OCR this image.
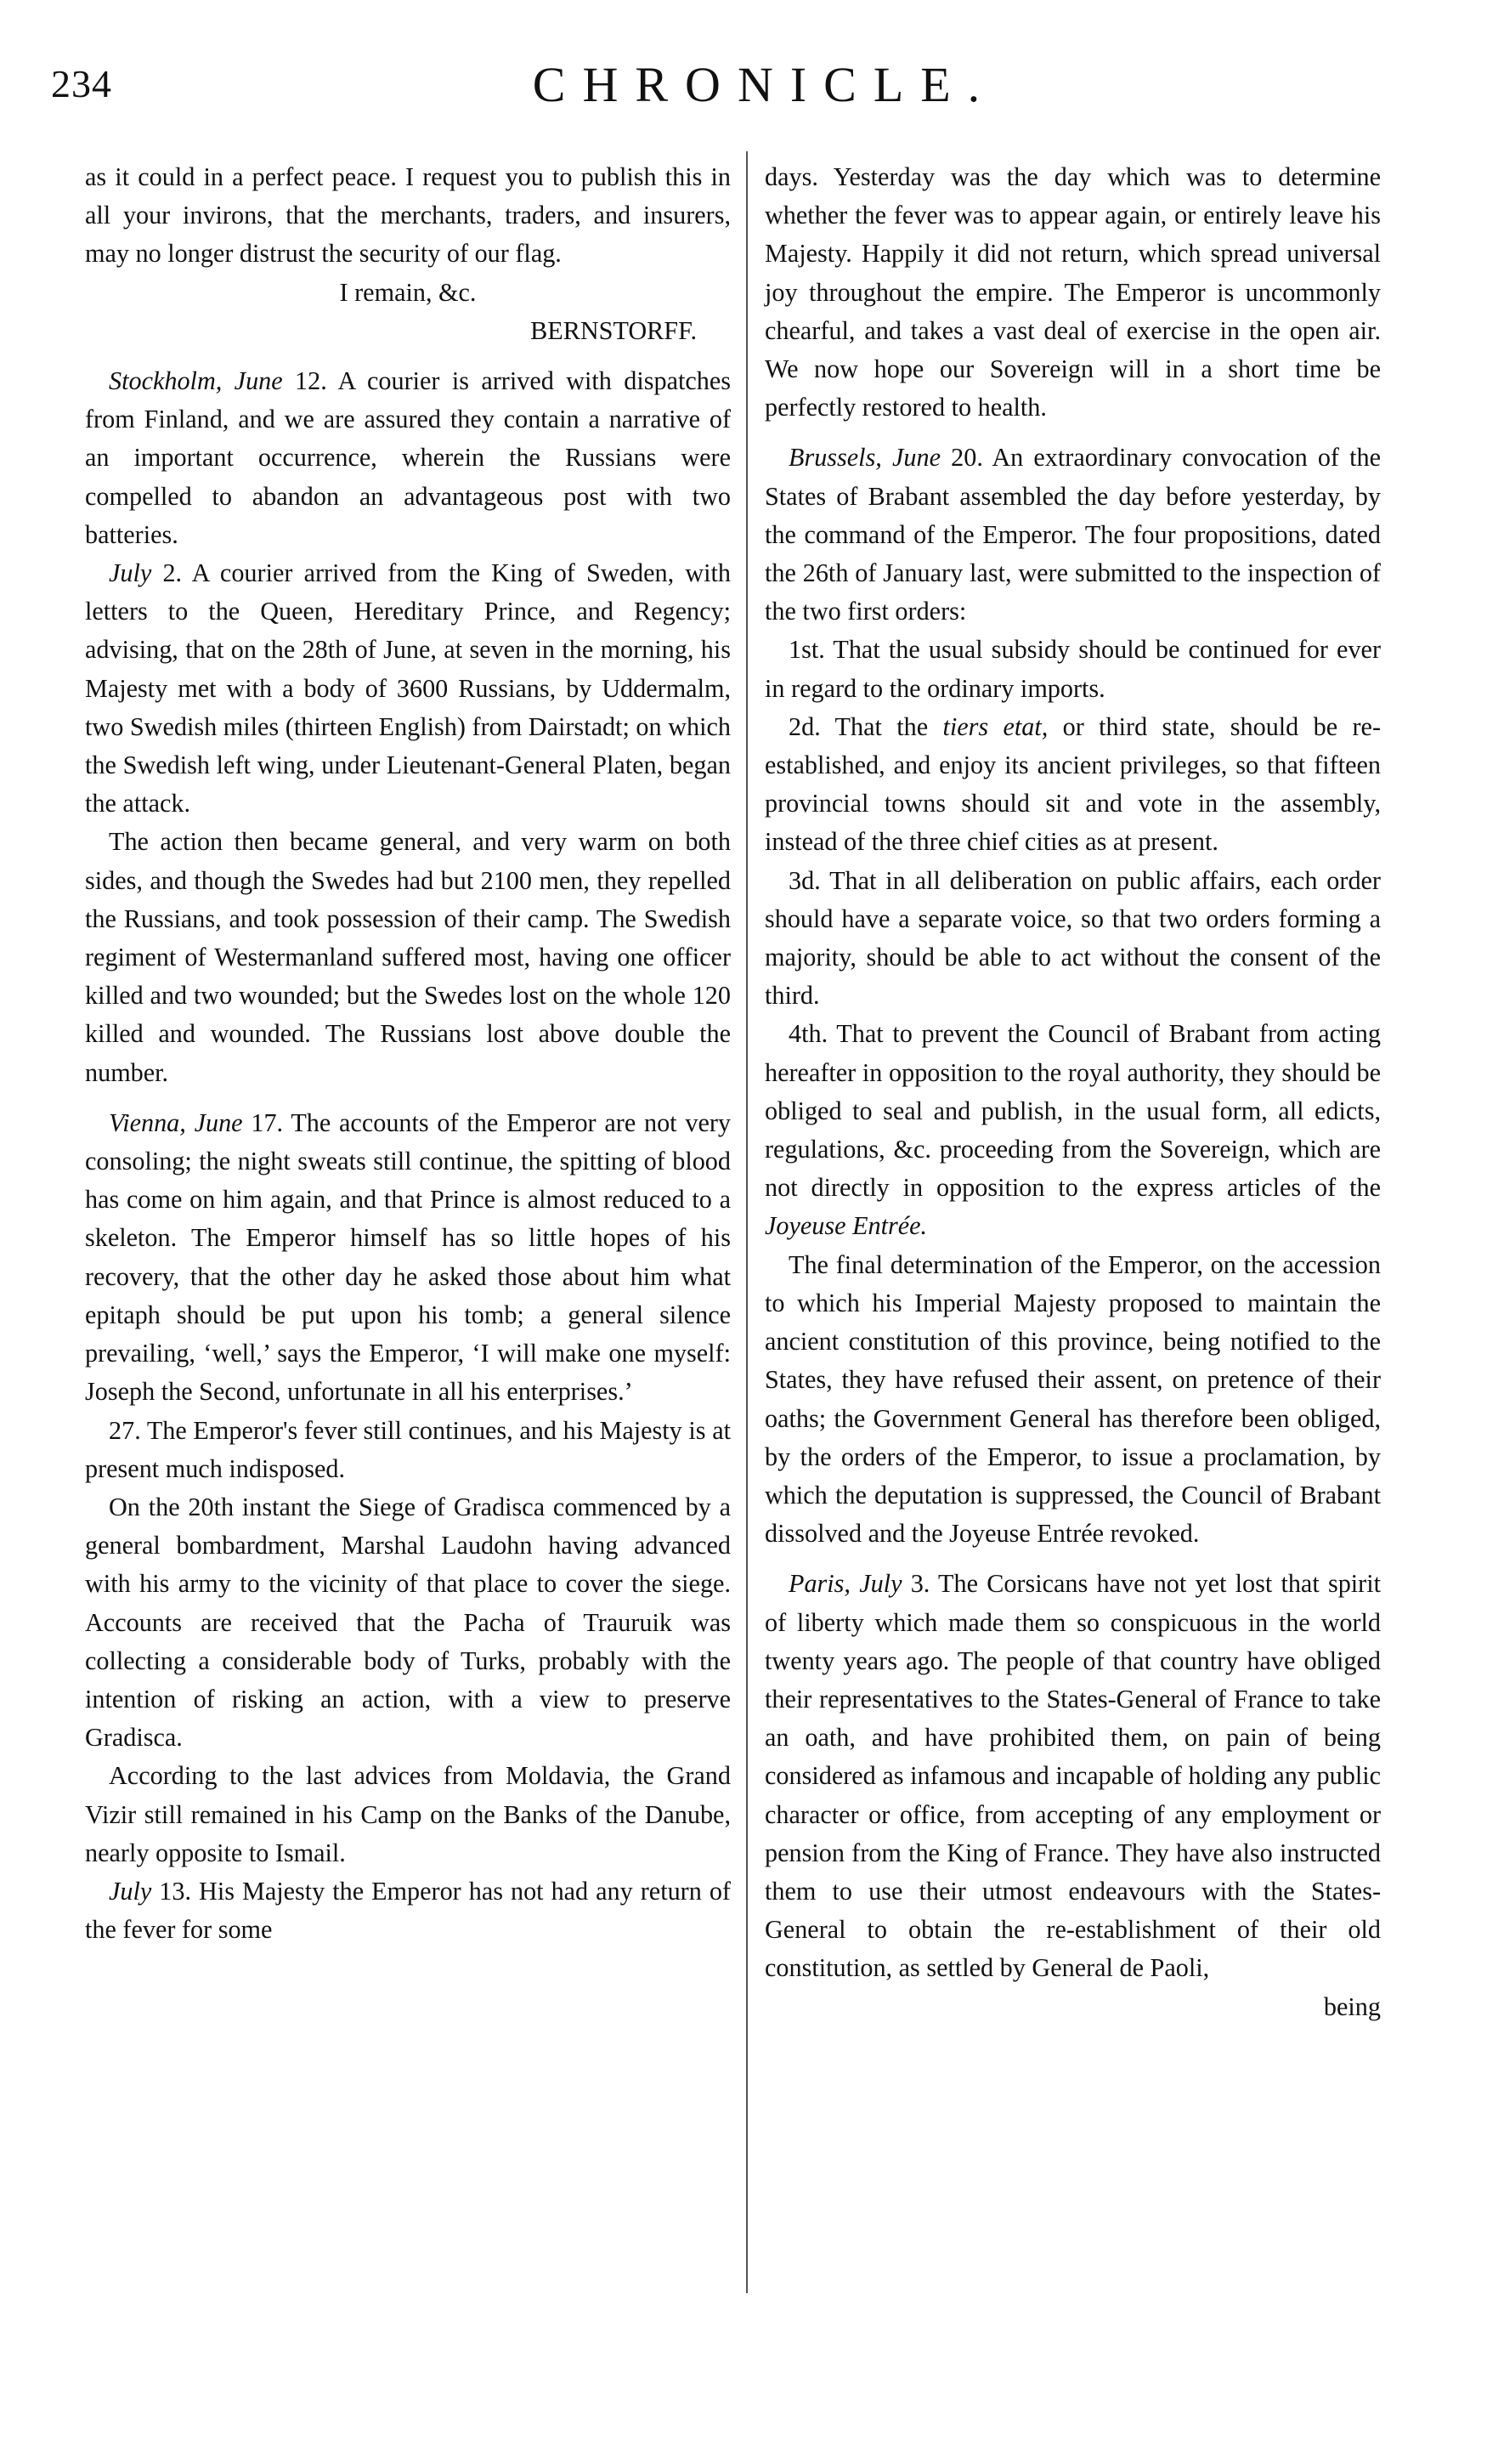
234	CHRONICLE.

as it could in a perfect peace. I request you to publish this in all your invirons, that the merchants, traders, and insurers, may no longer distrust the security of our flag.

I remain, &c.

BERNSTORFF.

Stockholm, June 12. A courier is arrived with dispatches from Finland, and we are assured they contain a narrative of an important occurrence, wherein the Russians were compelled to abandon an advantageous post with two batteries.

July 2. A courier arrived from the King of Sweden, with letters to the Queen, Hereditary Prince, and Regency; advising, that on the 28th of June, at seven in the morning, his Majesty met with a body of 3600 Russians, by Uddermalm, two Swedish miles (thirteen English) from Dairstadt; on which the Swedish left wing, under Lieutenant-General Platen, began the attack.

The action then became general, and very warm on both sides, and though the Swedes had but 2100 men, they repelled the Russians, and took possession of their camp. The Swedish regiment of Westermanland suffered most, having one officer killed and two wounded; but the Swedes lost on the whole 120 killed and wounded. The Russians lost above double the number.

Vienna, June 17. The accounts of the Emperor are not very consoling; the night sweats still continue, the spitting of blood has come on him again, and that Prince is almost reduced to a skeleton. The Emperor himself has so little hopes of his recovery, that the other day he asked those about him what epitaph should be put upon his tomb; a general silence prevailing, ‘well,’ says the Emperor, ‘I will make one myself: Joseph the Second, unfortunate in all his enterprises.’

27. The Emperor's fever still continues, and his Majesty is at present much indisposed.

On the 20th instant the Siege of Gradisca commenced by a general bombardment, Marshal Laudohn having advanced with his army to the vicinity of that place to cover the siege. Accounts are received that the Pacha of Trauruik was collecting a considerable body of Turks, probably with the intention of risking an action, with a view to preserve Gradisca.

According to the last advices from Moldavia, the Grand Vizir still remained in his Camp on the Banks of the Danube, nearly opposite to Ismail.

July 13. His Majesty the Emperor has not had any return of the fever for some

days. Yesterday was the day which was to determine whether the fever was to appear again, or entirely leave his Majesty. Happily it did not return, which spread universal joy throughout the empire. The Emperor is uncommonly chearful, and takes a vast deal of exercise in the open air. We now hope our Sovereign will in a short time be perfectly restored to health.

Brussels, June 20. An extraordinary convocation of the States of Brabant assembled the day before yesterday, by the command of the Emperor. The four propositions, dated the 26th of January last, were submitted to the inspection of the two first orders:

1st. That the usual subsidy should be continued for ever in regard to the ordinary imports.

2d. That the tiers etat, or third state, should be re-established, and enjoy its ancient privileges, so that fifteen provincial towns should sit and vote in the assembly, instead of the three chief cities as at present.

3d. That in all deliberation on public affairs, each order should have a separate voice, so that two orders forming a majority, should be able to act without the consent of the third.

4th. That to prevent the Council of Brabant from acting hereafter in opposition to the royal authority, they should be obliged to seal and publish, in the usual form, all edicts, regulations, &c. proceeding from the Sovereign, which are not directly in opposition to the express articles of the Joyeuse Entrée.

The final determination of the Emperor, on the accession to which his Imperial Majesty proposed to maintain the ancient constitution of this province, being notified to the States, they have refused their assent, on pretence of their oaths; the Government General has therefore been obliged, by the orders of the Emperor, to issue a proclamation, by which the deputation is suppressed, the Council of Brabant dissolved and the Joyeuse Entrée revoked.

Paris, July 3. The Corsicans have not yet lost that spirit of liberty which made them so conspicuous in the world twenty years ago. The people of that country have obliged their representatives to the States-General of France to take an oath, and have prohibited them, on pain of being considered as infamous and incapable of holding any public character or office, from accepting of any employment or pension from the King of France. They have also instructed them to use their utmost endeavours with the States-General to obtain the re-establishment of their old constitution, as settled by General de Paoli,

being
